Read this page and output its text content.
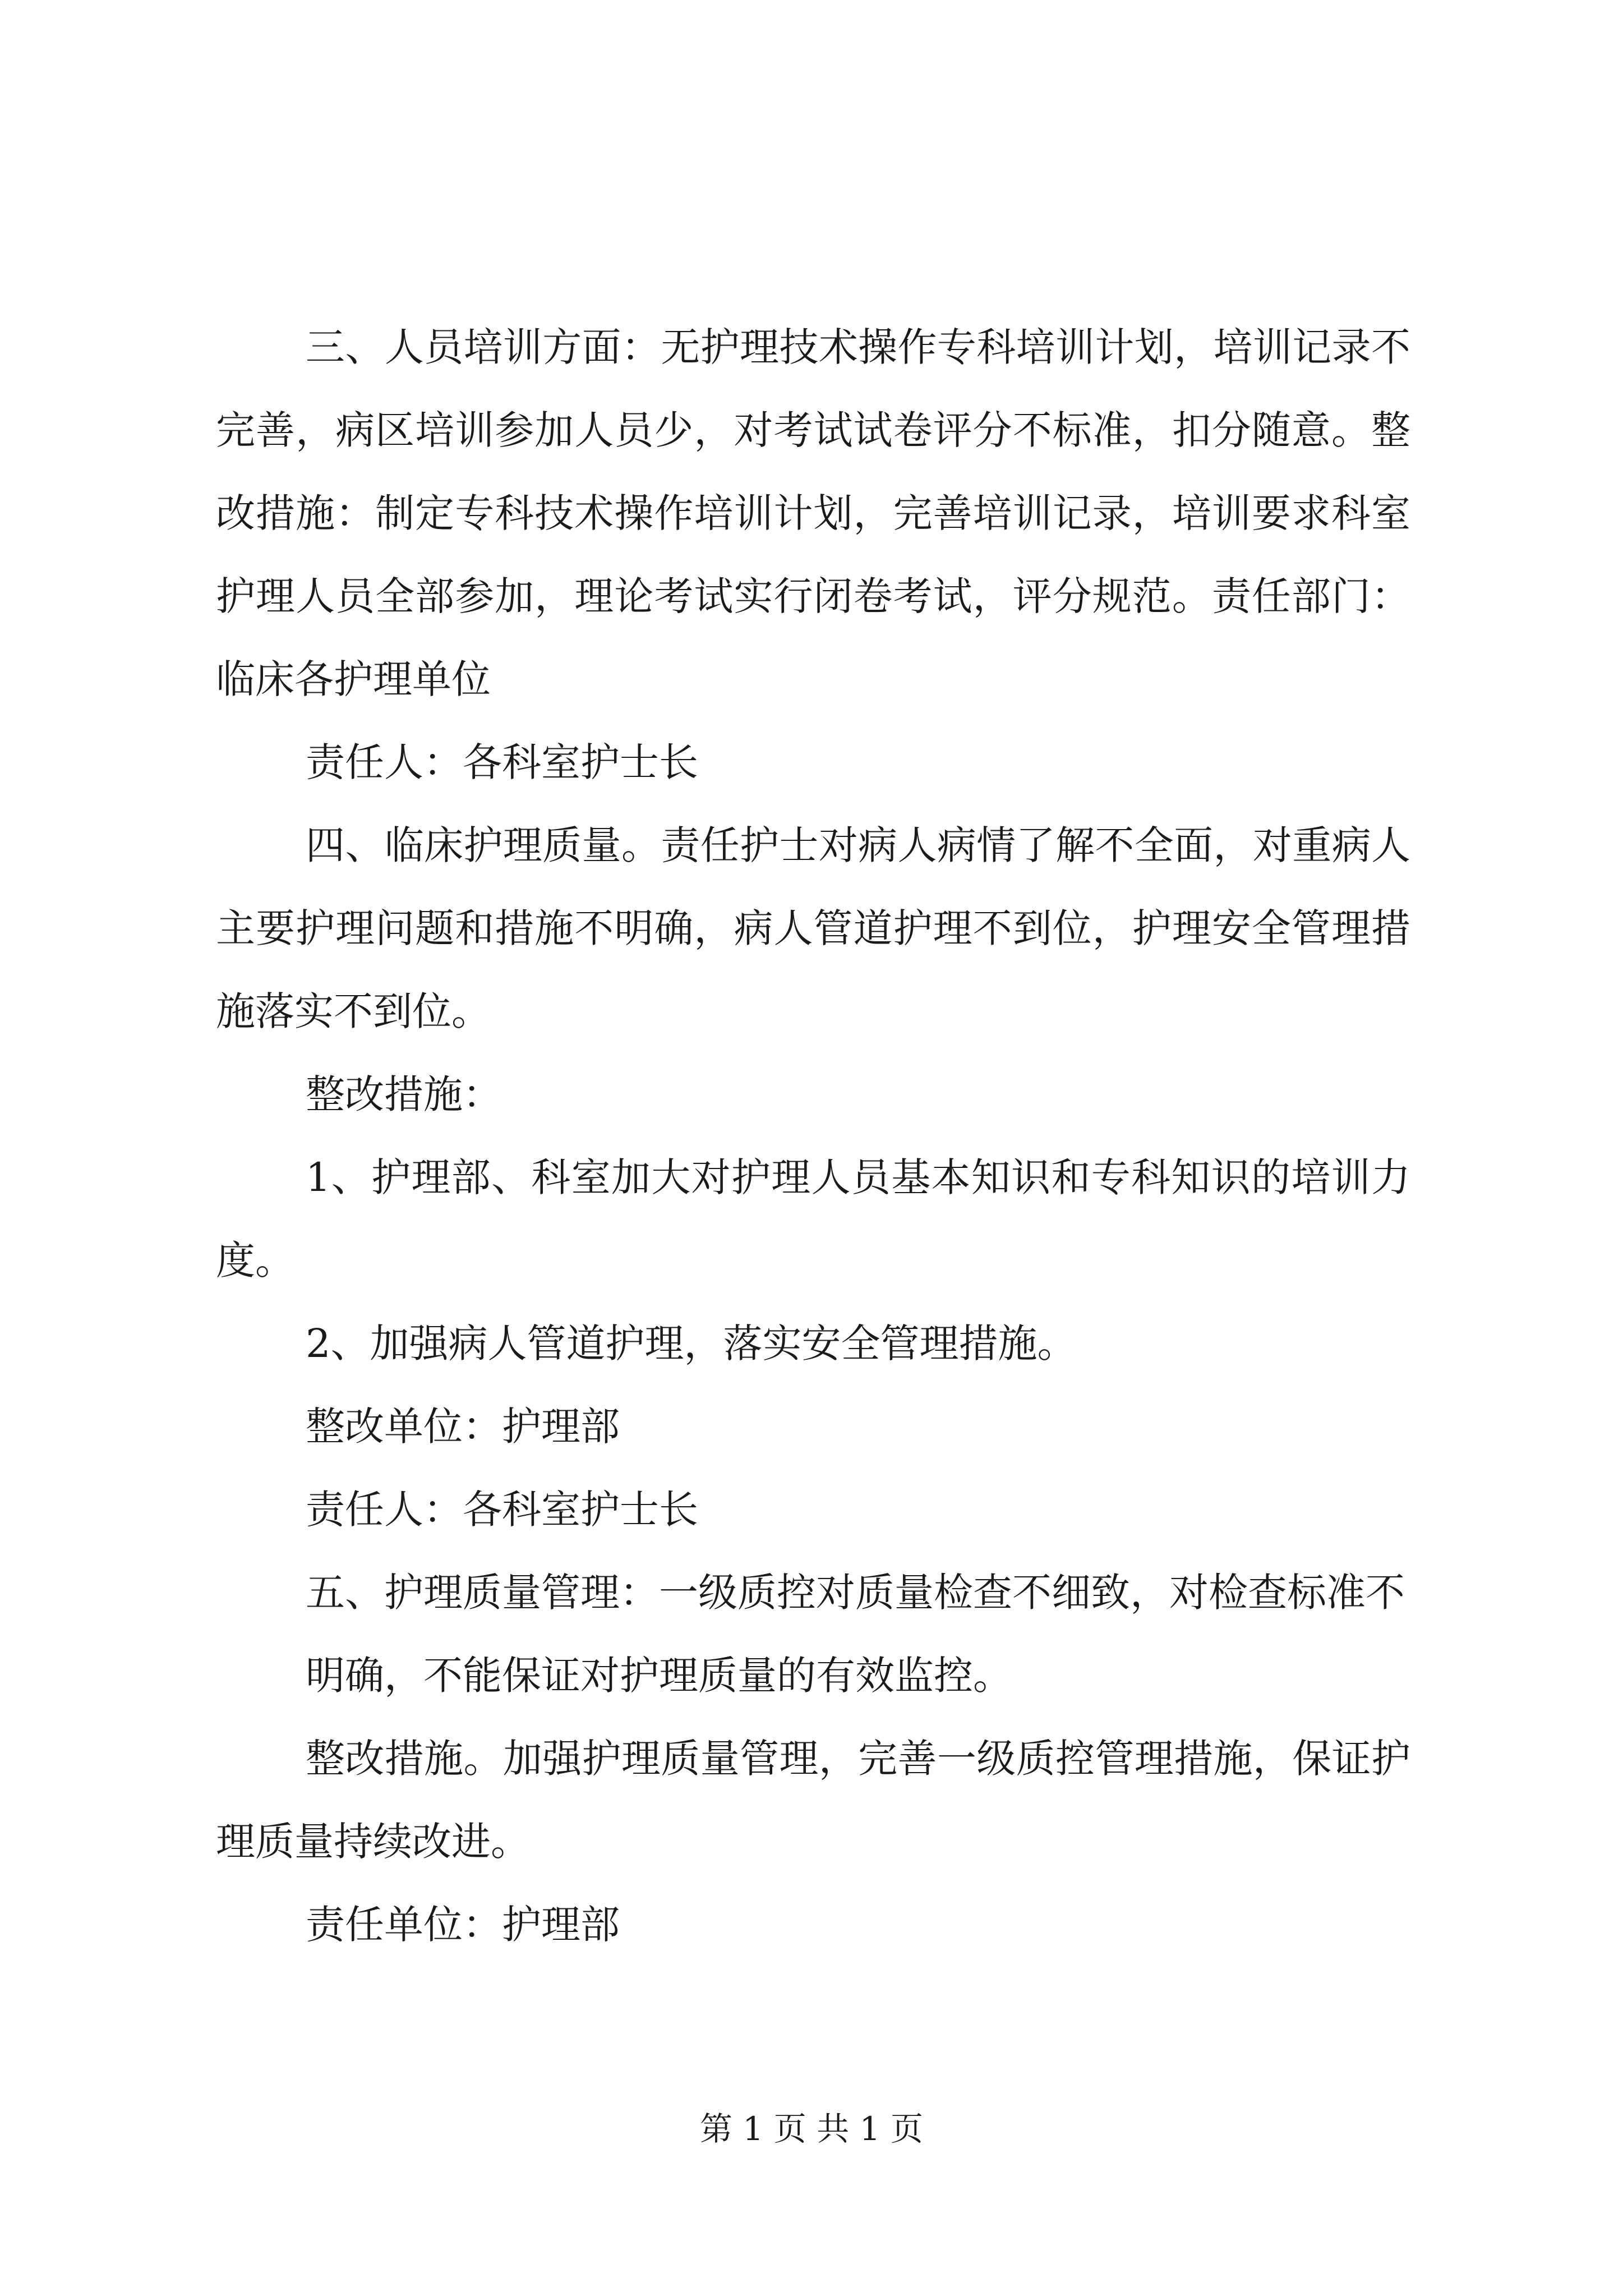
三、人员培训方面：无护理技术操作专科培训计划，培训记录不完善，病区培训参加人员少，对考试试卷评分不标准，扣分随意。整改措施：制定专科技术操作培训计划，完善培训记录，培训要求科室护理人员全部参加，理论考试实行闭卷考试，评分规范。责任部门：临床各护理单位

责任人：各科室护士长

四、临床护理质量。责任护士对病人病情了解不全面，对重病人主要护理问题和措施不明确，病人管道护理不到位，护理安全管理措施落实不到位。

整改措施：

1、护理部、科室加大对护理人员基本知识和专科知识的培训力度。

2、加强病人管道护理，落实安全管理措施。

整改单位：护理部

责任人：各科室护士长

五、护理质量管理：一级质控对质量检查不细致，对检查标准不

明确，不能保证对护理质量的有效监控。

整改措施。加强护理质量管理，完善一级质控管理措施，保证护理质量持续改进。

责任单位：护理部

第 1 页 共 1 页
